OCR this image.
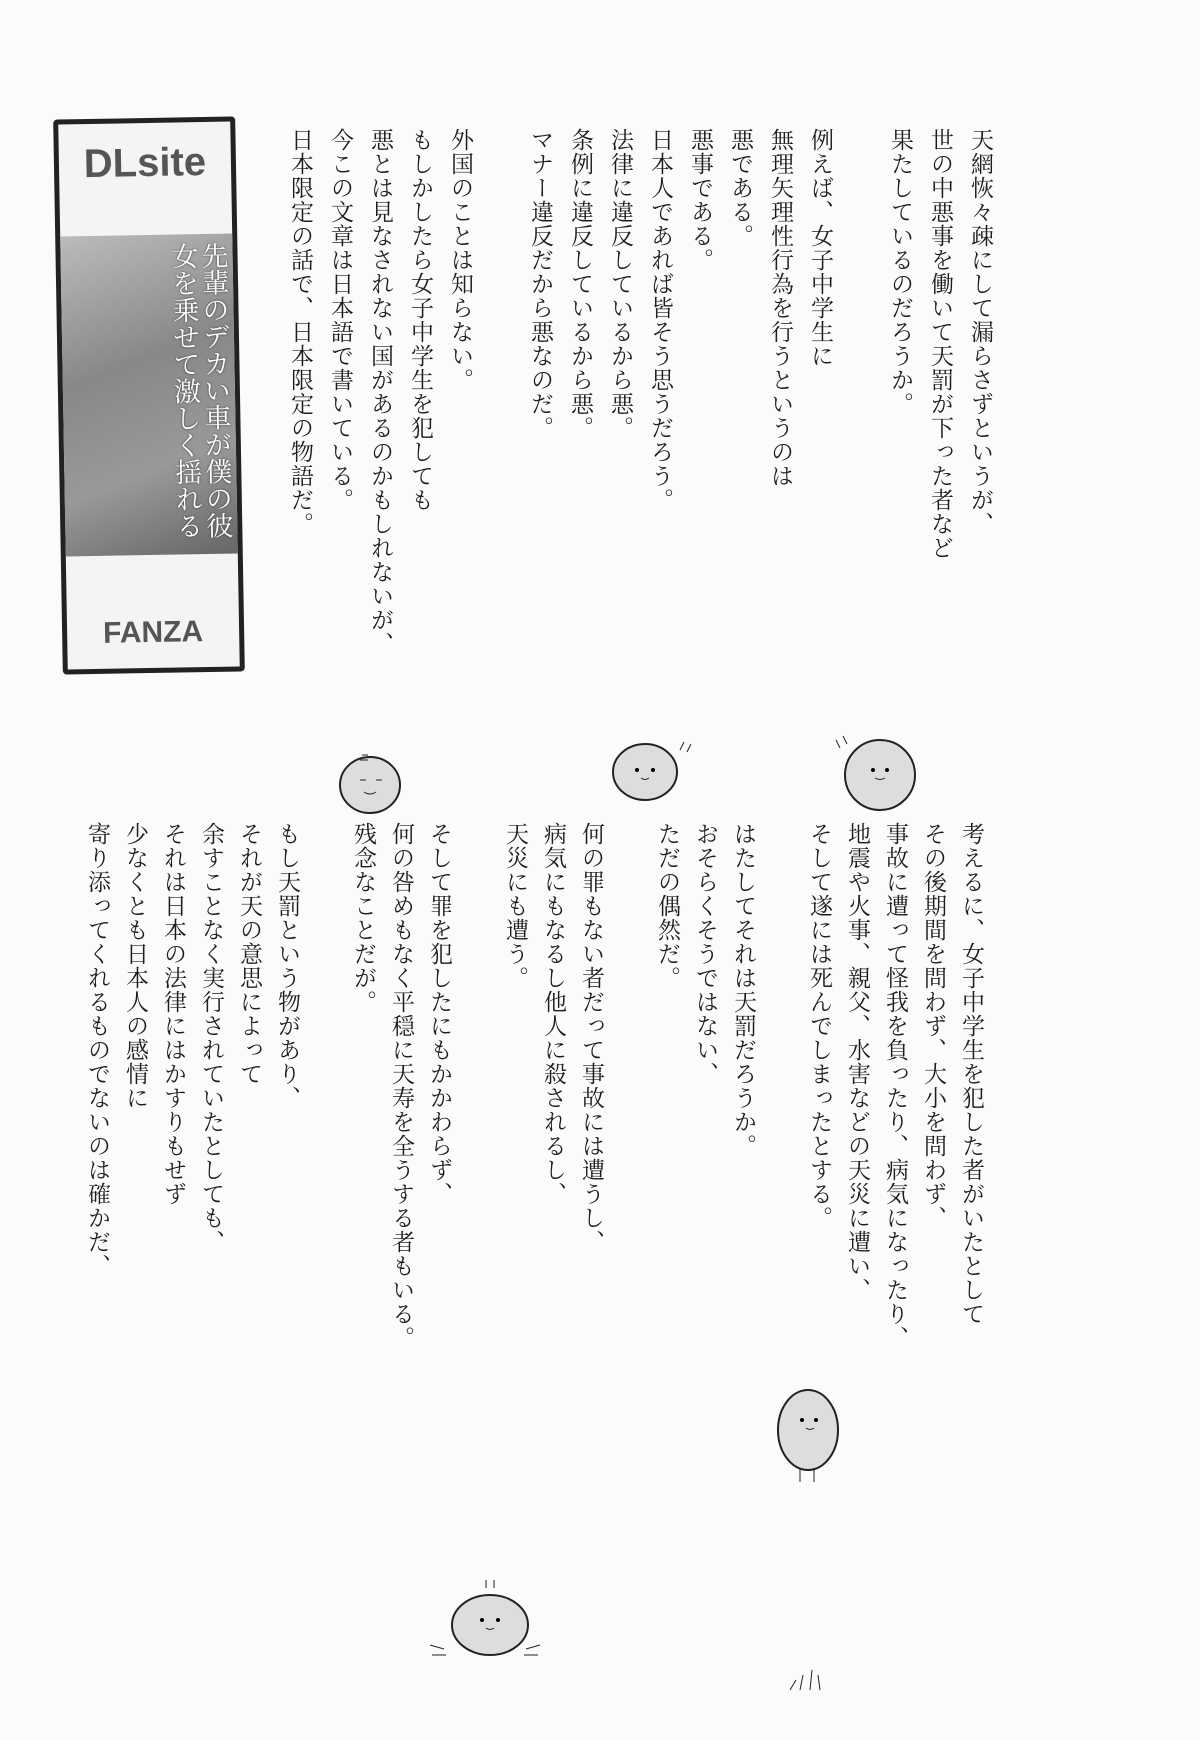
天網恢々疎にして漏らさずというが、
世の中悪事を働いて天罰が下った者など
果たしているのだろうか。

例えば、女子中学生に
無理矢理性行為を行うというのは
悪である。
悪事である。
日本人であれば皆そう思うだろう。
法律に違反しているから悪。
条例に違反しているから悪。
マナー違反だから悪なのだ。

外国のことは知らない。
もしかしたら女子中学生を犯しても
悪とは見なされない国があるのかもしれないが、
今この文章は日本語で書いている。
日本限定の話で、日本限定の物語だ。
考えるに、女子中学生を犯した者がいたとして
その後期間を問わず、大小を問わず、
事故に遭って怪我を負ったり、病気になったり、
地震や火事、親父、水害などの天災に遭い、
そして遂には死んでしまったとする。

はたしてそれは天罰だろうか。
おそらくそうではない、
ただの偶然だ。

何の罪もない者だって事故には遭うし、
病気にもなるし他人に殺されるし、
天災にも遭う。

そして罪を犯したにもかかわらず、
何の咎めもなく平穏に天寿を全うする者もいる。
残念なことだが。

もし天罰という物があり、
それが天の意思によって
余すことなく実行されていたとしても、
それは日本の法律にはかすりもせず
少なくとも日本人の感情に
寄り添ってくれるものでないのは確かだ、
DLsite
先輩のデカい車が僕の彼女を乗せて激しく揺れる
FANZA
